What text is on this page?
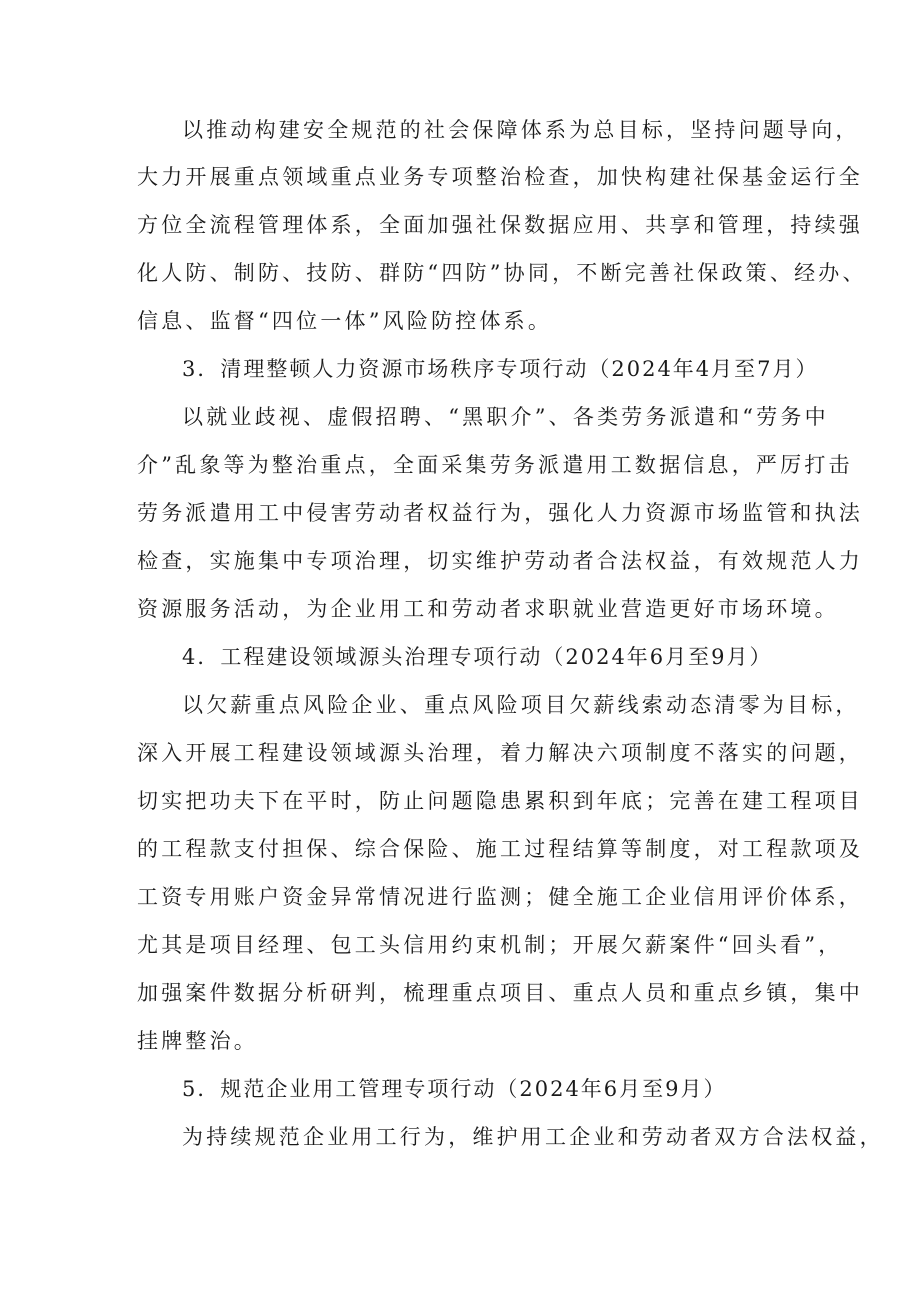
以推动构建安全规范的社会保障体系为总目标，坚持问题导向，
大力开展重点领域重点业务专项整治检查，加快构建社保基金运行全
方位全流程管理体系，全面加强社保数据应用、共享和管理，持续强
化人防、制防、技防、群防“四防”协同，不断完善社保政策、经办、
信息、监督“四位一体”风险防控体系。
3．清理整顿人力资源市场秩序专项行动（2024年4月至7月）
以就业歧视、虚假招聘、“黑职介”、各类劳务派遣和“劳务中
介”乱象等为整治重点，全面采集劳务派遣用工数据信息，严厉打击
劳务派遣用工中侵害劳动者权益行为，强化人力资源市场监管和执法
检查，实施集中专项治理，切实维护劳动者合法权益，有效规范人力
资源服务活动，为企业用工和劳动者求职就业营造更好市场环境。
4．工程建设领域源头治理专项行动（2024年6月至9月）
以欠薪重点风险企业、重点风险项目欠薪线索动态清零为目标，
深入开展工程建设领域源头治理，着力解决六项制度不落实的问题，
切实把功夫下在平时，防止问题隐患累积到年底；完善在建工程项目
的工程款支付担保、综合保险、施工过程结算等制度，对工程款项及
工资专用账户资金异常情况进行监测；健全施工企业信用评价体系，
尤其是项目经理、包工头信用约束机制；开展欠薪案件“回头看”，
加强案件数据分析研判，梳理重点项目、重点人员和重点乡镇，集中
挂牌整治。
5．规范企业用工管理专项行动（2024年6月至9月）
为持续规范企业用工行为，维护用工企业和劳动者双方合法权益，
